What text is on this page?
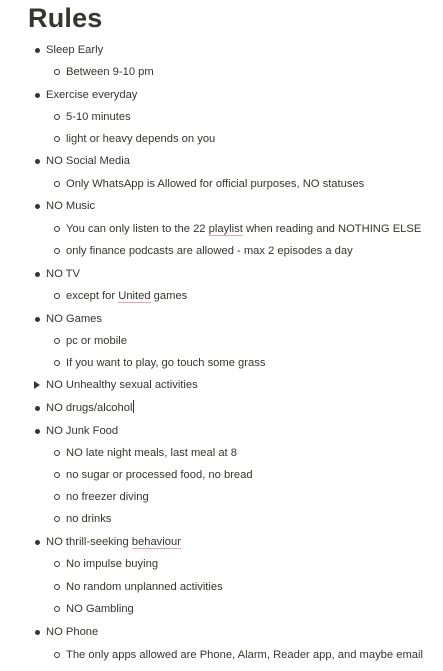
Rules
Sleep Early
Between 9-10 pm
Exercise everyday
5-10 minutes
light or heavy depends on you
NO Social Media
Only WhatsApp is Allowed for official purposes, NO statuses
NO Music
You can only listen to the 22 playlist when reading and NOTHING ELSE
only finance podcasts are allowed - max 2 episodes a day
NO TV
except for United games
NO Games
pc or mobile
If you want to play, go touch some grass
NO Unhealthy sexual activities
NO drugs/alcohol
NO Junk Food
NO late night meals, last meal at 8
no sugar or processed food, no bread
no freezer diving
no drinks
NO thrill-seeking behaviour
No impulse buying
No random unplanned activities
NO Gambling
NO Phone
The only apps allowed are Phone, Alarm, Reader app, and maybe email
